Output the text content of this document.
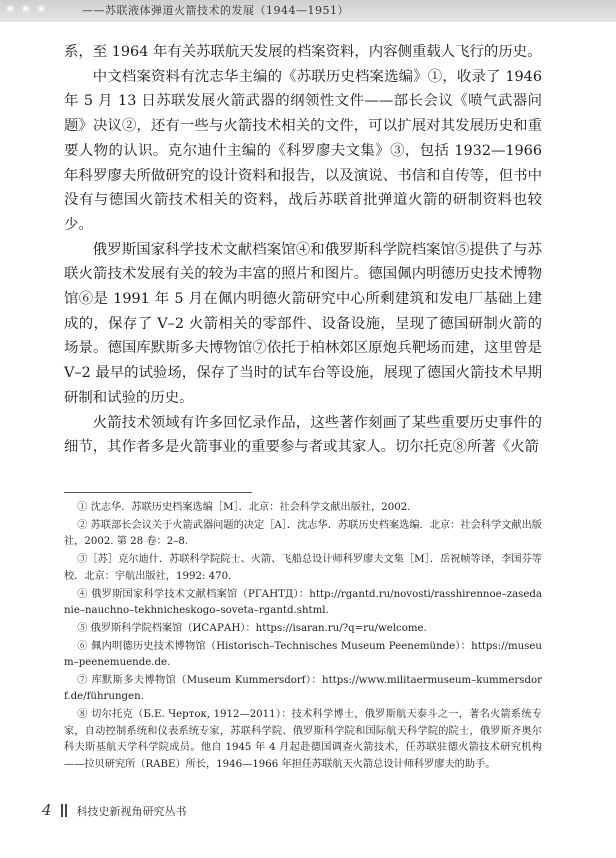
❀ ❀ ❀	——苏联液体弹道火箭技术的发展（1944—1951）

系，至 1964 年有关苏联航天发展的档案资料，内容侧重载人飞行的历史。

中文档案资料有沈志华主编的《苏联历史档案选编》①，收录了 1946 年 5 月 13 日苏联发展火箭武器的纲领性文件——部长会议《喷气武器问题》决议②，还有一些与火箭技术相关的文件，可以扩展对其发展历史和重要人物的认识。克尔迪什主编的《科罗廖夫文集》③，包括 1932—1966 年科罗廖夫所做研究的设计资料和报告，以及演说、书信和自传等，但书中没有与德国火箭技术相关的资料，战后苏联首批弹道火箭的研制资料也较少。

俄罗斯国家科学技术文献档案馆④和俄罗斯科学院档案馆⑤提供了与苏联火箭技术发展有关的较为丰富的照片和图片。德国佩内明德历史技术博物馆⑥是 1991 年 5 月在佩内明德火箭研究中心所剩建筑和发电厂基础上建成的，保存了 V–2 火箭相关的零部件、设备设施，呈现了德国研制火箭的场景。德国库默斯多夫博物馆⑦依托于柏林郊区原炮兵靶场而建，这里曾是 V–2 最早的试验场，保存了当时的试车台等设施，展现了德国火箭技术早期研制和试验的历史。

火箭技术领域有许多回忆录作品，这些著作刻画了某些重要历史事件的细节，其作者多是火箭事业的重要参与者或其家人。切尔托克⑧所著《火箭

① 沈志华．苏联历史档案选编［M］．北京：社会科学文献出版社，2002.

② 苏联部长会议关于火箭武器问题的决定［A］．沈志华．苏联历史档案选编．北京：社会科学文献出版社，2002. 第 28 卷：2–8.

③［苏］克尔迪什．苏联科学院院士、火箭、飞船总设计师科罗廖夫文集［M］．岳祝帧等译，李国芬等校．北京：宇航出版社，1992: 470.

④ 俄罗斯国家科学技术文献档案馆（РГАНТД）：http://rgantd.ru/novosti/rasshirennoe–zasedanie–nauchno–tekhnicheskogo–soveta–rgantd.shtml.

⑤ 俄罗斯科学院档案馆（ИСАРАН）：https://isaran.ru/?q=ru/welcome.

⑥ 佩内明德历史技术博物馆（Historisch–Technisches Museum Peenemünde）：https://museum–peenemuende.de.

⑦ 库默斯多夫博物馆（Museum Kummersdorf）：https://www.militaermuseum–kummersdorf.de/führungen.

⑧ 切尔托克（Б.Е. Черток, 1912—2011）：技术科学博士，俄罗斯航天泰斗之一，著名火箭系统专家，自动控制系统和仪表系统专家，苏联科学院、俄罗斯科学院和国际航天科学院的院士，俄罗斯齐奥尔科夫斯基航天学科学院成员。他自 1945 年 4 月起赴德国调查火箭技术，任苏联驻德火箭技术研究机构——拉贝研究所（RABE）所长，1946—1966 年担任苏联航天火箭总设计师科罗廖夫的助手。

4 科技史新视角研究丛书
